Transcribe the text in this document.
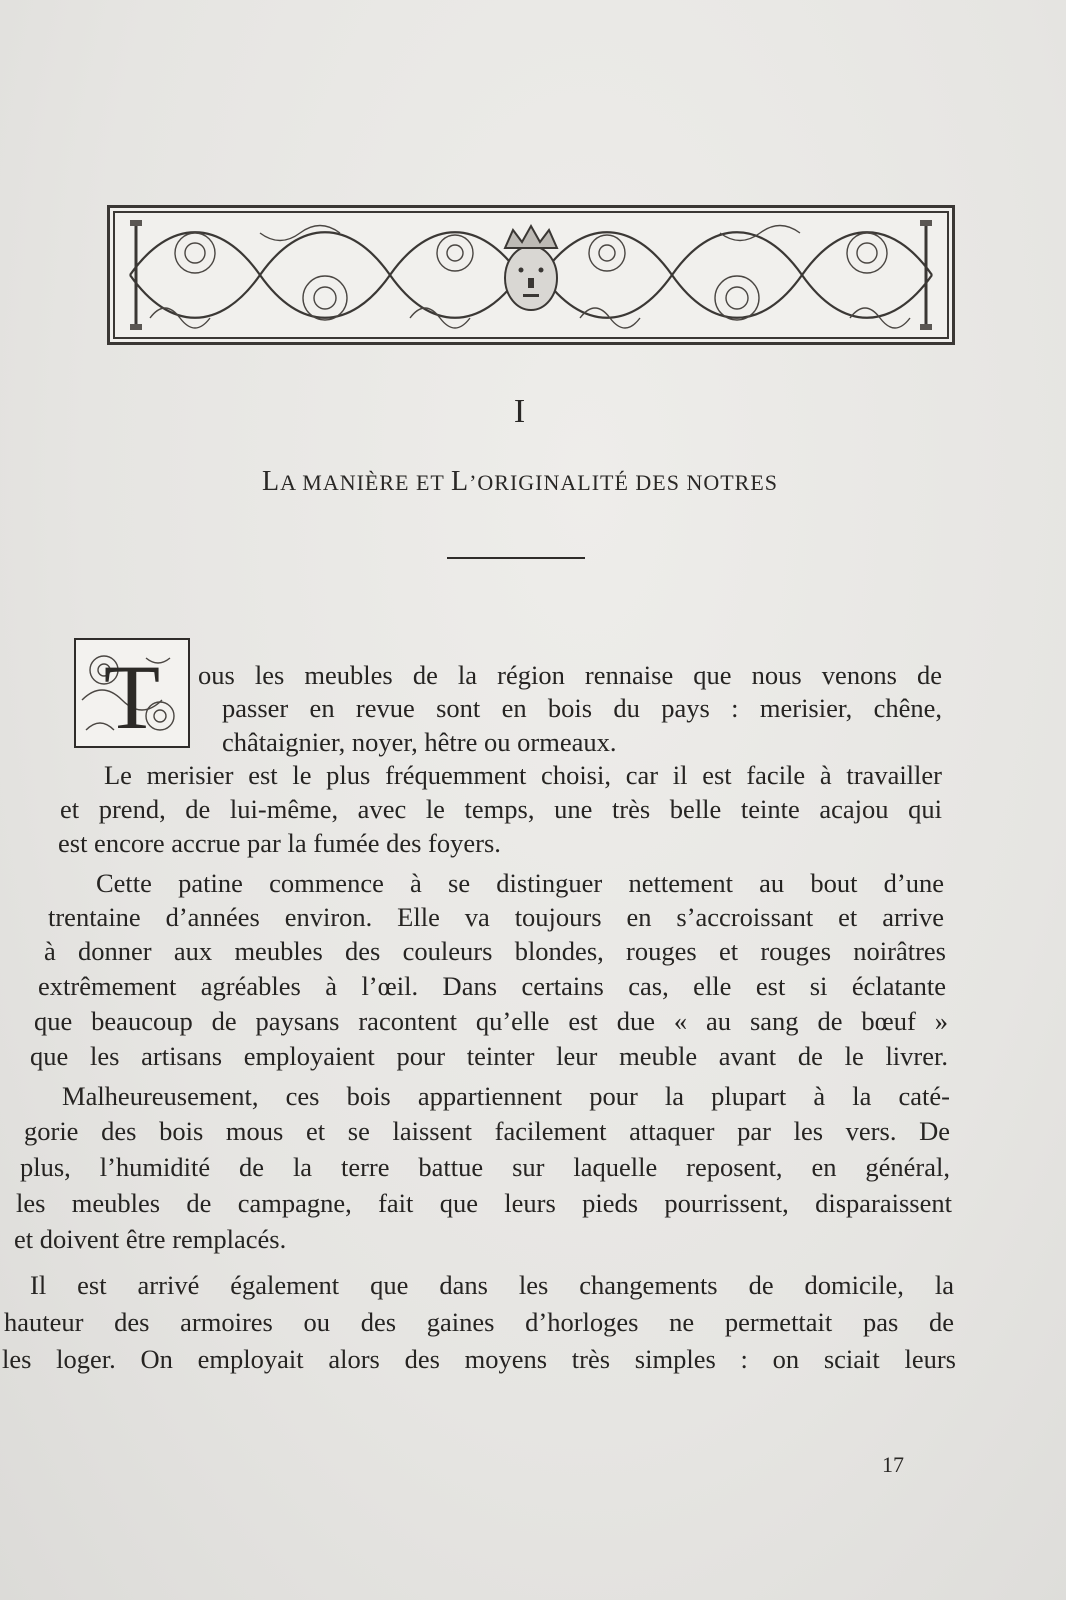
I
LA MANIÈRE ET L’ORIGINALITÉ DES NOTRES
T ous les meubles de la région rennaise que nous venons de
passer en revue sont en bois du pays : merisier, chêne,
châtaignier, noyer, hêtre ou ormeaux.
Le merisier est le plus fréquemment choisi, car il est facile à travailler
et prend, de lui-même, avec le temps, une très belle teinte acajou qui
est encore accrue par la fumée des foyers.
Cette patine commence à se distinguer nettement au bout d’une
trentaine d’années environ. Elle va toujours en s’accroissant et arrive
à donner aux meubles des couleurs blondes, rouges et rouges noirâtres
extrêmement agréables à l’œil. Dans certains cas, elle est si éclatante
que beaucoup de paysans racontent qu’elle est due « au sang de bœuf »
que les artisans employaient pour teinter leur meuble avant de le livrer.
Malheureusement, ces bois appartiennent pour la plupart à la caté-
gorie des bois mous et se laissent facilement attaquer par les vers. De
plus, l’humidité de la terre battue sur laquelle reposent, en général,
les meubles de campagne, fait que leurs pieds pourrissent, disparaissent
et doivent être remplacés.
Il est arrivé également que dans les changements de domicile, la
hauteur des armoires ou des gaines d’horloges ne permettait pas de
les loger. On employait alors des moyens très simples : on sciait leurs
17
